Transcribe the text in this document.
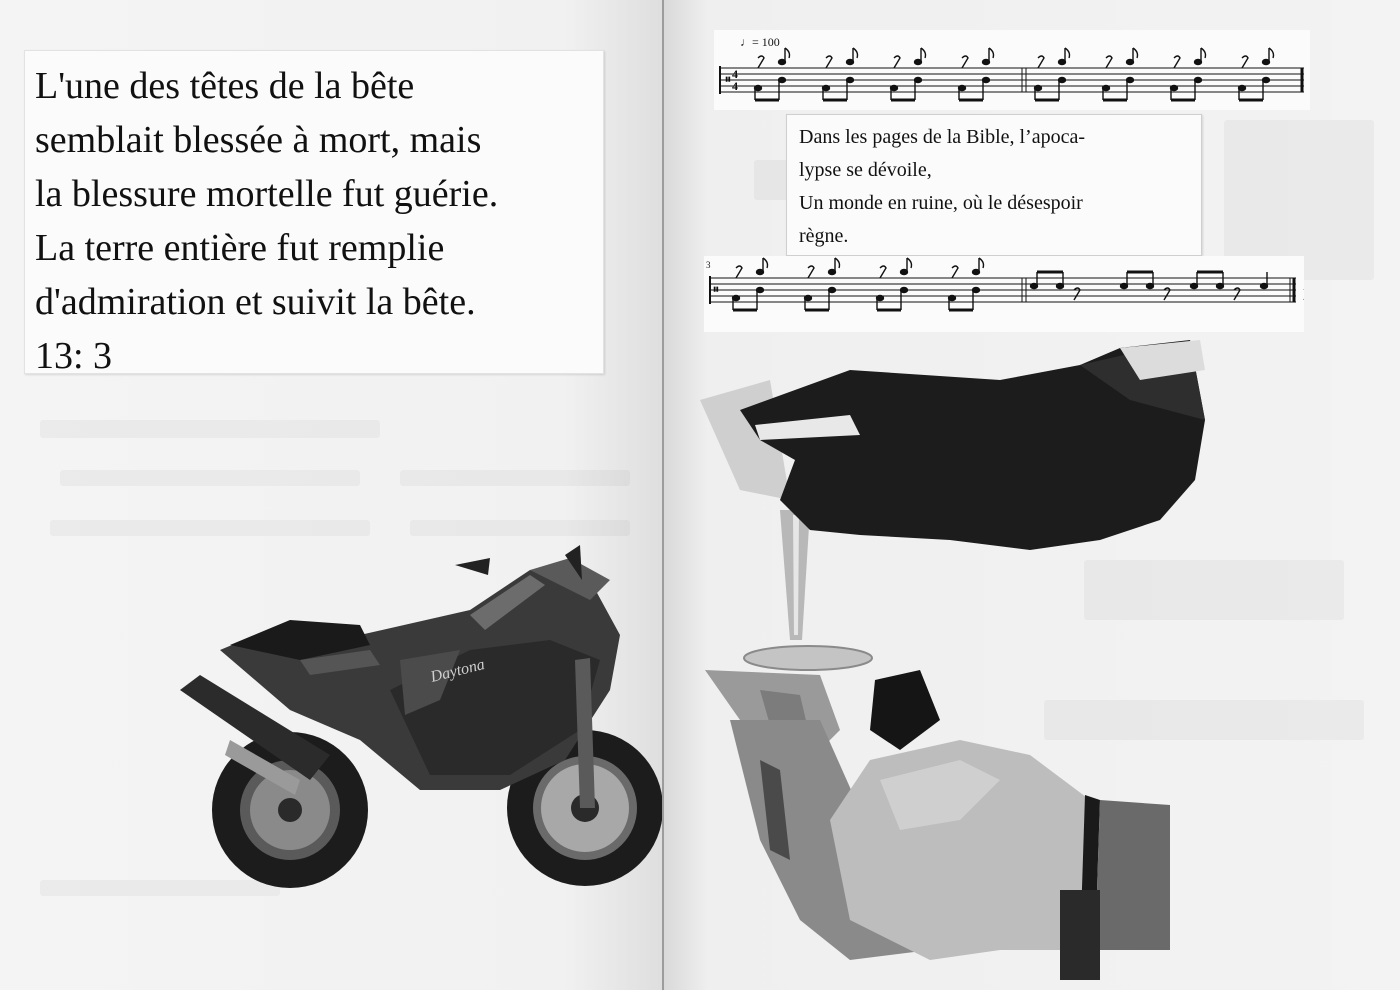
L'une des têtes de la bête
semblait blessée à mort, mais
la blessure mortelle fut guérie.
La terre entière fut remplie
d'admiration et suivit la bête.
13: 3
Daytona
♩= 100
𝄥 4
4
Dans les pages de la Bible, l’apoca-
lypse se dévoile,
Un monde en ruine, où le désespoir
règne.
3
𝄥
